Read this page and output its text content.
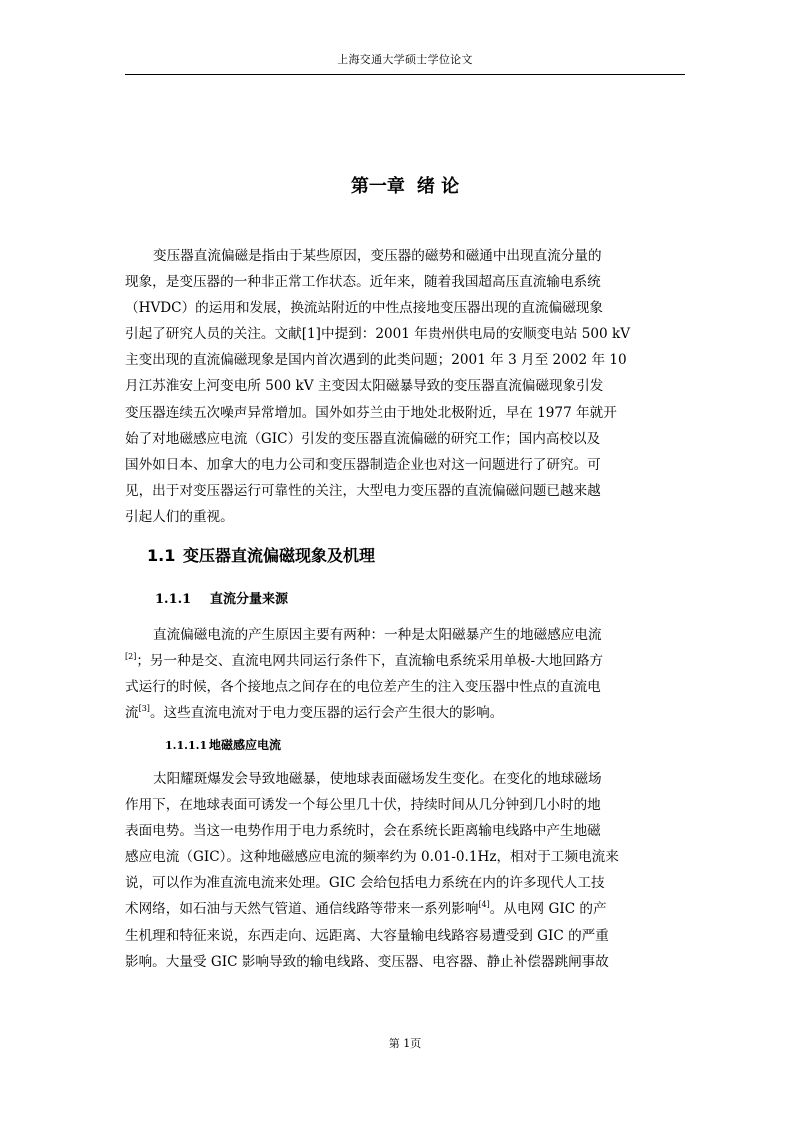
上海交通大学硕士学位论文
第一章 绪 论
变压器直流偏磁是指由于某些原因，变压器的磁势和磁通中出现直流分量的
现象，是变压器的一种非正常工作状态。近年来，随着我国超高压直流输电系统
（HVDC）的运用和发展，换流站附近的中性点接地变压器出现的直流偏磁现象
引起了研究人员的关注。文献[1]中提到：2001 年贵州供电局的安顺变电站 500 kV
主变出现的直流偏磁现象是国内首次遇到的此类问题；2001 年 3 月至 2002 年 10
月江苏淮安上河变电所 500 kV 主变因太阳磁暴导致的变压器直流偏磁现象引发
变压器连续五次噪声异常增加。国外如芬兰由于地处北极附近，早在 1977 年就开
始了对地磁感应电流（GIC）引发的变压器直流偏磁的研究工作；国内高校以及
国外如日本、加拿大的电力公司和变压器制造企业也对这一问题进行了研究。可
见，出于对变压器运行可靠性的关注，大型电力变压器的直流偏磁问题已越来越
引起人们的重视。
1.1 变压器直流偏磁现象及机理
1.1.1 直流分量来源
直流偏磁电流的产生原因主要有两种：一种是太阳磁暴产生的地磁感应电流
[2]；另一种是交、直流电网共同运行条件下，直流输电系统采用单极-大地回路方
式运行的时候，各个接地点之间存在的电位差产生的注入变压器中性点的直流电
流[3]。这些直流电流对于电力变压器的运行会产生很大的影响。
1.1.1.1 地磁感应电流
太阳耀斑爆发会导致地磁暴，使地球表面磁场发生变化。在变化的地球磁场
作用下，在地球表面可诱发一个每公里几十伏，持续时间从几分钟到几小时的地
表面电势。当这一电势作用于电力系统时，会在系统长距离输电线路中产生地磁
感应电流（GIC）。这种地磁感应电流的频率约为 0.01-0.1Hz，相对于工频电流来
说，可以作为准直流电流来处理。GIC 会给包括电力系统在内的许多现代人工技
术网络，如石油与天然气管道、通信线路等带来一系列影响[4]。从电网 GIC 的产
生机理和特征来说，东西走向、远距离、大容量输电线路容易遭受到 GIC 的严重
影响。大量受 GIC 影响导致的输电线路、变压器、电容器、静止补偿器跳闸事故
第 1页
